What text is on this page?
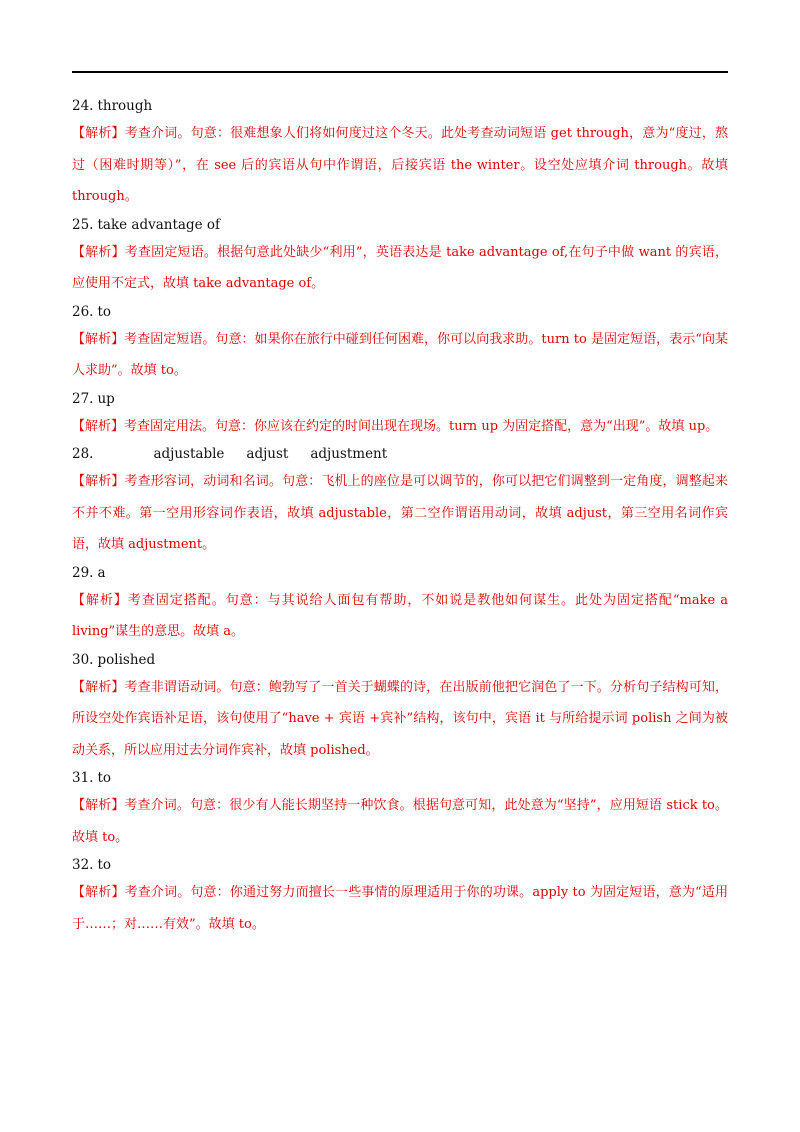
24. through
【解析】考查介词。句意：很难想象人们将如何度过这个冬天。此处考查动词短语 get through，意为“度过，熬过（困难时期等）”，在 see 后的宾语从句中作谓语，后接宾语 the winter。设空处应填介词 through。故填 through。
25. take advantage of
【解析】考查固定短语。根据句意此处缺少“利用”，英语表达是 take advantage of,在句子中做 want 的宾语，应使用不定式，故填 take advantage of。
26. to
【解析】考查固定短语。句意：如果你在旅行中碰到任何困难，你可以向我求助。turn to 是固定短语，表示“向某人求助”。故填 to。
27. up
【解析】考查固定用法。句意：你应该在约定的时间出现在现场。turn up 为固定搭配，意为“出现”。故填 up。
28.	adjustable adjust adjustment
【解析】考查形容词，动词和名词。句意：飞机上的座位是可以调节的，你可以把它们调整到一定角度，调整起来不并不难。第一空用形容词作表语，故填 adjustable，第二空作谓语用动词，故填 adjust，第三空用名词作宾语，故填 adjustment。
29. a
【解析】考查固定搭配。句意：与其说给人面包有帮助，不如说是教他如何谋生。此处为固定搭配“make a living”谋生的意思。故填 a。
30. polished
【解析】考查非谓语动词。句意：鲍勃写了一首关于蝴蝶的诗，在出版前他把它润色了一下。分析句子结构可知，所设空处作宾语补足语，该句使用了“have + 宾语 +宾补”结构，该句中，宾语 it 与所给提示词 polish 之间为被动关系，所以应用过去分词作宾补，故填 polished。
31. to
【解析】考查介词。句意：很少有人能长期坚持一种饮食。根据句意可知，此处意为“坚持”，应用短语 stick to。故填 to。
32. to
【解析】考查介词。句意：你通过努力而擅长一些事情的原理适用于你的功课。apply to 为固定短语，意为“适用于……；对……有效”。故填 to。
